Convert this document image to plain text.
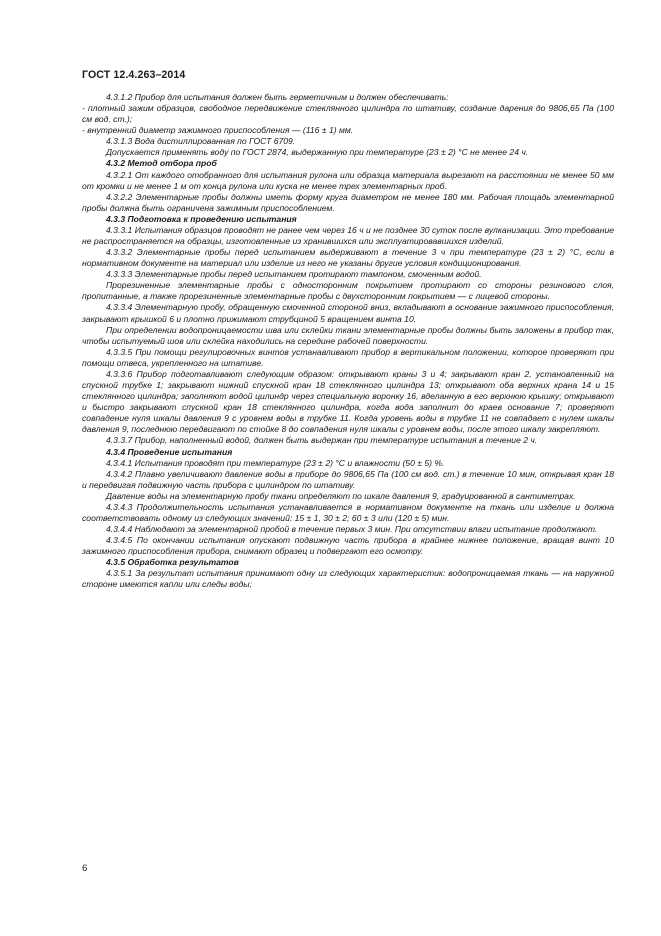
ГОСТ 12.4.263–2014

4.3.1.2 Прибор для испытания должен быть герметичным и должен обеспечивать:

- плотный зажим образцов, свободное передвижение стеклянного цилиндра по штативу, создание дарения до 9806,65 Па (100 см вод. ст.);

- внутренний диаметр зажимного приспособления — (116 ± 1) мм.

4.3.1.3 Вода дистиллированная по ГОСТ 6709.

Допускается применять воду по ГОСТ 2874, выдержанную при температуре (23 ± 2) °С не менее 24 ч.

4.3.2 Метод отбора проб

4.3.2.1 От каждого отобранного для испытания рулона или образца материала вырезают на расстоянии не менее 50 мм от кромки и не менее 1 м от конца рулона или куска не менее трех элементарных проб.

4.3.2.2 Элементарные пробы должны иметь форму круга диаметром не менее 180 мм. Рабочая площадь элементарной пробы должна быть ограничена зажимным приспособлением.

4.3.3 Подготовка к проведению испытания

4.3.3.1 Испытания образцов проводят не ранее чем через 16 ч и не позднее 30 суток после вулканизации. Это требование не распространяется на образцы, изготовленные из хранившихся или эксплуатировавшихся изделий.

4.3.3.2 Элементарные пробы перед испытанием выдерживают в течение 3 ч при температуре (23 ± 2) °С, если в нормативном документе на материал или изделие из него не указаны другие условия кондиционирования.

4.3.3.3 Элементарные пробы перед испытанием протирают тампоном, смоченным водой.

Прорезиненные элементарные пробы с односторонним покрытием протирают со стороны резинового слоя, пропитанные, а также прорезиненные элементарные пробы с двухсторонним покрытием — с лицевой стороны.

4.3.3.4 Элементарную пробу, обращенную смоченной стороной вниз, вкладывают в основание зажимного приспособления, закрывают крышкой 6 и плотно прижимают струбциной 5 вращением винта 10.

При определении водопроницаемости шва или склейки ткани элементарные пробы должны быть заложены в прибор так, чтобы испытуемый шов или склейка находились на середине рабочей поверхности.

4.3.3.5 При помощи регулировочных винтов устанавливают прибор в вертикальном положении, которое проверяют при помощи отвеса, укрепленного на штативе.

4.3.3.6 Прибор подготавливают следующим образом: открывают краны 3 и 4; закрывают кран 2, установленный на спускной трубке 1; закрывают нижний спускной кран 18 стеклянного цилиндра 13; открывают оба верхних крана 14 и 15 стеклянного цилиндра; заполняют водой цилиндр через специальную воронку 16, вделанную в его верхнюю крышку; открывают и быстро закрывают спускной кран 18 стеклянного цилиндра, когда вода заполнит до краев основание 7; проверяют совпадение нуля шкалы давления 9 с уровнем воды в трубке 11. Когда уровень воды в трубке 11 не совпадает с нулем шкалы давления 9, последнюю передвигают по стойке 8 до совпадения нуля шкалы с уровнем воды, после этого шкалу закрепляют.

4.3.3.7 Прибор, наполненный водой, должен быть выдержан при температуре испытания в течение 2 ч.

4.3.4 Проведение испытания

4.3.4.1 Испытания проводят при температуре (23 ± 2) °С и влажности (50 ± 5) %.

4.3.4.2 Плавно увеличивают давление воды в приборе до 9806,65 Па (100 см вод. ст.) в течение 10 мин, открывая кран 18 и передвигая подвижную часть прибора с цилиндром по штативу.

Давление воды на элементарную пробу ткани определяют по шкале давления 9, градуированной в сантиметрах.

4.3.4.3 Продолжительность испытания устанавливается в нормативном документе на ткань или изделие и должна соответствовать одному из следующих значений: 15 ± 1, 30 ± 2; 60 ± 3 или (120 ± 5) мин.

4.3.4.4 Наблюдают за элементарной пробой в течение первых 3 мин. При отсутствии влаги испытание продолжают.

4.3.4.5 По окончании испытания опускают подвижную часть прибора в крайнее нижнее положение, вращая винт 10 зажимного приспособления прибора, снимают образец и подвергают его осмотру.

4.3.5 Обработка результатов

4.3.5.1 За результат испытания принимают одну из следующих характеристик: водопроницаемая ткань — на наружной стороне имеются капли или следы воды;

6
